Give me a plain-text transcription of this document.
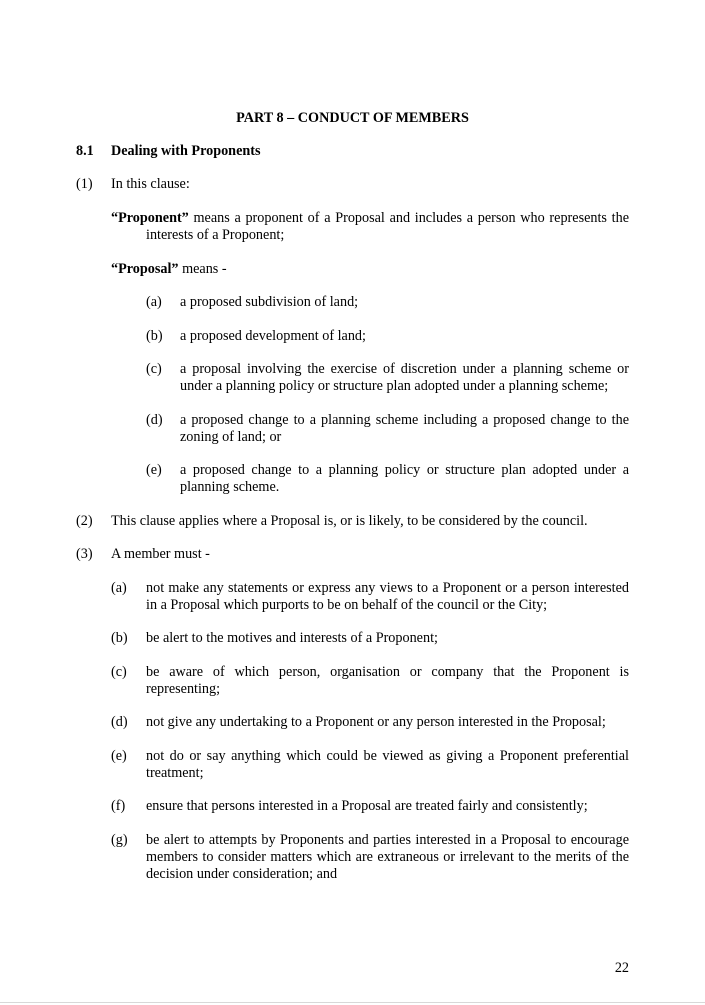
PART 8 – CONDUCT OF MEMBERS
8.1 Dealing with Proponents
(1) In this clause:
“Proponent” means a proponent of a Proposal and includes a person who represents the interests of a Proponent;
“Proposal” means -
(a) a proposed subdivision of land;
(b) a proposed development of land;
(c) a proposal involving the exercise of discretion under a planning scheme or under a planning policy or structure plan adopted under a planning scheme;
(d) a proposed change to a planning scheme including a proposed change to the zoning of land; or
(e) a proposed change to a planning policy or structure plan adopted under a planning scheme.
(2) This clause applies where a Proposal is, or is likely, to be considered by the council.
(3) A member must -
(a) not make any statements or express any views to a Proponent or a person interested in a Proposal which purports to be on behalf of the council or the City;
(b) be alert to the motives and interests of a Proponent;
(c) be aware of which person, organisation or company that the Proponent is representing;
(d) not give any undertaking to a Proponent or any person interested in the Proposal;
(e) not do or say anything which could be viewed as giving a Proponent preferential treatment;
(f) ensure that persons interested in a Proposal are treated fairly and consistently;
(g) be alert to attempts by Proponents and parties interested in a Proposal to encourage members to consider matters which are extraneous or irrelevant to the merits of the decision under consideration; and
22
